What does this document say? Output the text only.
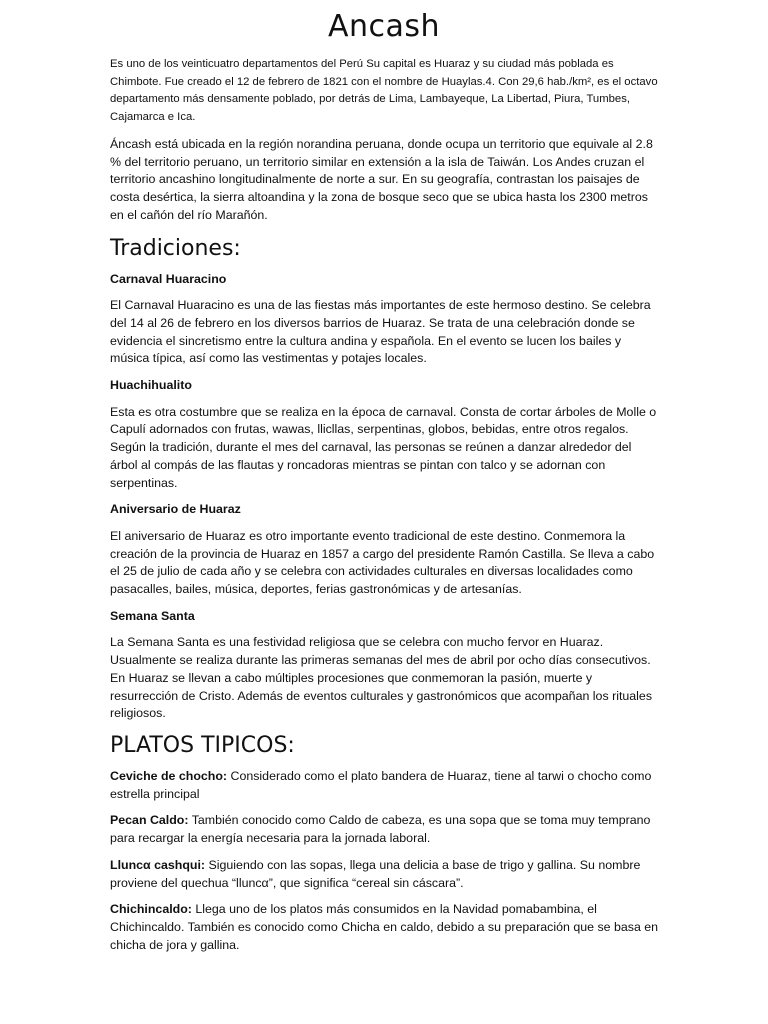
Ancash

Es uno de los veinticuatro departamentos del Perú Su capital es Huaraz y su ciudad más poblada es Chimbote. Fue creado el 12 de febrero de 1821 con el nombre de Huaylas.4. Con 29,6 hab./km², es el octavo departamento más densamente poblado, por detrás de Lima, Lambayeque, La Libertad, Piura, Tumbes, Cajamarca e Ica.

Áncash está ubicada en la región norandina peruana, donde ocupa un territorio que equivale al 2.8 % del territorio peruano, un territorio similar en extensión a la isla de Taiwán. Los Andes cruzan el territorio ancashino longitudinalmente de norte a sur. En su geografía, contrastan los paisajes de costa desértica, la sierra altoandina y la zona de bosque seco que se ubica hasta los 2300 metros en el cañón del río Marañón.

Tradiciones:
Carnaval Huaracino

El Carnaval Huaracino es una de las fiestas más importantes de este hermoso destino. Se celebra del 14 al 26 de febrero en los diversos barrios de Huaraz. Se trata de una celebración donde se evidencia el sincretismo entre la cultura andina y española. En el evento se lucen los bailes y música típica, así como las vestimentas y potajes locales.

Huachihualito

Esta es otra costumbre que se realiza en la época de carnaval. Consta de cortar árboles de Molle o Capulí adornados con frutas, wawas, llicllas, serpentinas, globos, bebidas, entre otros regalos. Según la tradición, durante el mes del carnaval, las personas se reúnen a danzar alrededor del árbol al compás de las flautas y roncadoras mientras se pintan con talco y se adornan con serpentinas.

Aniversario de Huaraz

El aniversario de Huaraz es otro importante evento tradicional de este destino. Conmemora la creación de la provincia de Huaraz en 1857 a cargo del presidente Ramón Castilla. Se lleva a cabo el 25 de julio de cada año y se celebra con actividades culturales en diversas localidades como pasacalles, bailes, música, deportes, ferias gastronómicas y de artesanías.

Semana Santa

La Semana Santa es una festividad religiosa que se celebra con mucho fervor en Huaraz. Usualmente se realiza durante las primeras semanas del mes de abril por ocho días consecutivos. En Huaraz se llevan a cabo múltiples procesiones que conmemoran la pasión, muerte y resurrección de Cristo. Además de eventos culturales y gastronómicos que acompañan los rituales religiosos.

PLATOS TIPICOS:

Ceviche de chocho: Considerado como el plato bandera de Huaraz, tiene al tarwi o chocho como estrella principal

Pecan Caldo: También conocido como Caldo de cabeza, es una sopa que se toma muy temprano para recargar la energía necesaria para la jornada laboral.

Lluncα cashqui: Siguiendo con las sopas, llega una delicia a base de trigo y gallina. Su nombre proviene del quechua “lluncα”, que significa “cereal sin cáscara”.

Chichincaldo: Llega uno de los platos más consumidos en la Navidad pomabambina, el Chichincaldo. También es conocido como Chicha en caldo, debido a su preparación que se basa en chicha de jora y gallina.
